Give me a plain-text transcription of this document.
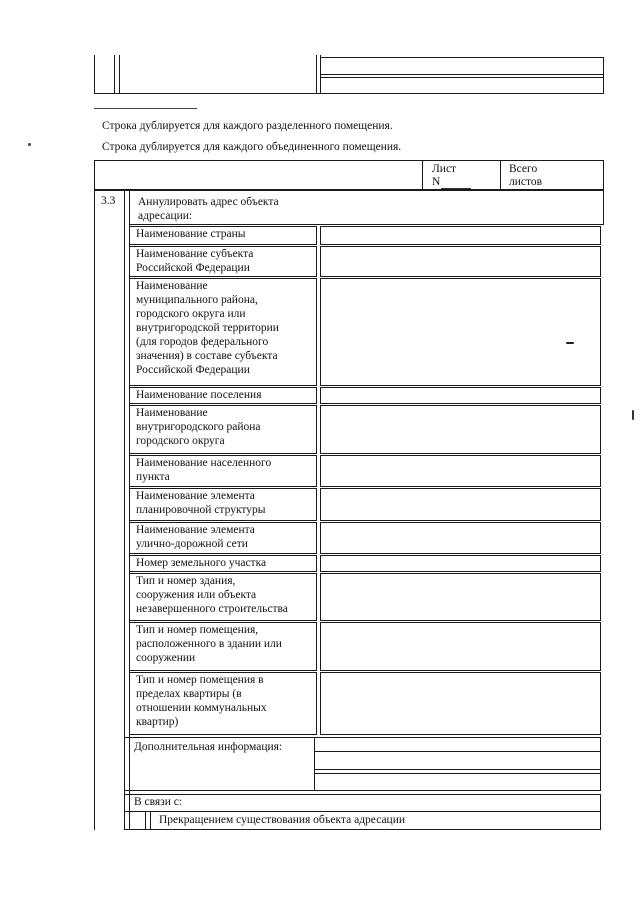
Строка дублируется для каждого разделенного помещения.
Строка дублируется для каждого объединенного помещения.
Лист
N
Всего
листов
3.3 Аннулировать адрес объекта
адресации:
Наименование страны
Наименование субъекта
Российской Федерации
Наименование
муниципального района,
городского округа или
внутригородской территории
(для городов федерального
значения) в составе субъекта
Российской Федерации
Наименование поселения
Наименование
внутригородского района
городского округа
Наименование населенного
пункта
Наименование элемента
планировочной структуры
Наименование элемента
улично-дорожной сети
Номер земельного участка
Тип и номер здания,
сооружения или объекта
незавершенного строительства
Тип и номер помещения,
расположенного в здании или
сооружении
Тип и номер помещения в
пределах квартиры (в
отношении коммунальных
квартир)
Дополнительная информация:
В связи с:
Прекращением существования объекта адресации
